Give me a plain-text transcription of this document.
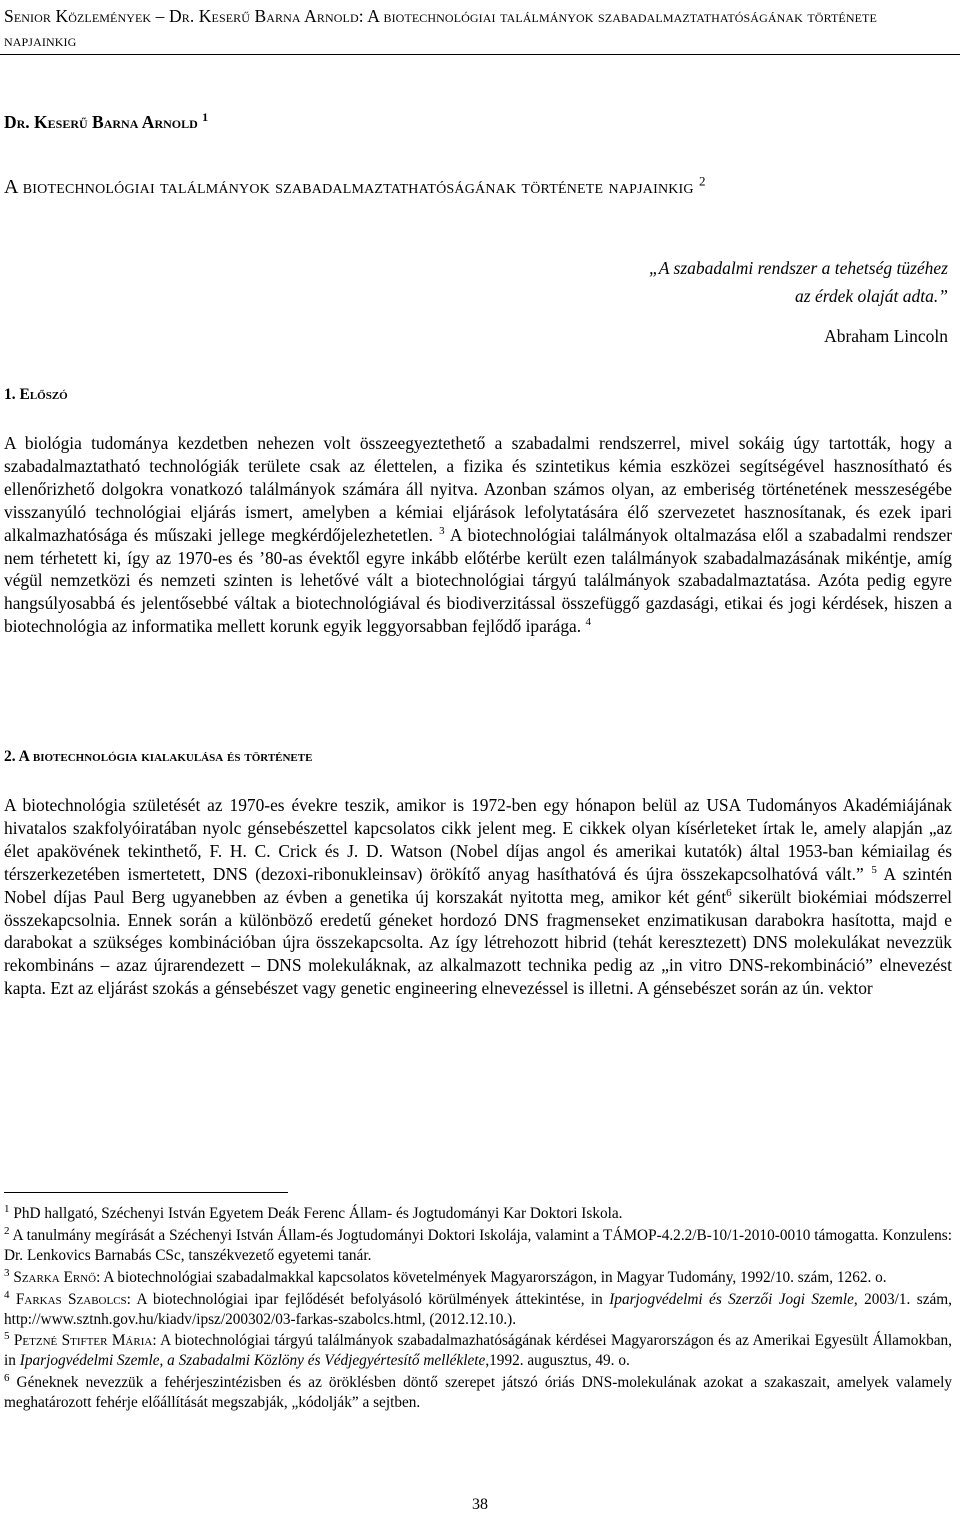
Senior Közlemények – Dr. Keserű Barna Arnold: A biotechnológiai találmányok szabadalmaztathatóságának története napjainkig
Dr. Keserű Barna Arnold $^1$
A biotechnológiai találmányok szabadalmaztathatóságának története napjainkig $^2$
„A szabadalmi rendszer a tehetség tüzéhez
az érdek olaját adta.”
Abraham Lincoln
1. Előszó

A biológia tudománya kezdetben nehezen volt összeegyeztethető a szabadalmi rendszerrel, mivel sokáig úgy tartották, hogy a szabadalmaztatható technológiák területe csak az élettelen, a fizika és szintetikus kémia eszközei segítségével hasznosítható és ellenőrizhető dolgokra vonatkozó találmányok számára áll nyitva. Azonban számos olyan, az emberiség történetének messzeségébe visszanyúló technológiai eljárás ismert, amelyben a kémiai eljárások lefolytatására élő szervezetet hasznosítanak, és ezek ipari alkalmazhatósága és műszaki jellege megkérdőjelezhetetlen. $^3$ A biotechnológiai találmányok oltalmazása elől a szabadalmi rendszer nem térhetett ki, így az 1970-es és ’80-as évektől egyre inkább előtérbe került ezen találmányok szabadalmazásának mikéntje, amíg végül nemzetközi és nemzeti szinten is lehetővé vált a biotechnológiai tárgyú találmányok szabadalmaztatása. Azóta pedig egyre hangsúlyosabbá és jelentősebbé váltak a biotechnológiával és biodiverzitással összefüggő gazdasági, etikai és jogi kérdések, hiszen a biotechnológia az informatika mellett korunk egyik leggyorsabban fejlődő iparága. $^4$

2. A biotechnológia kialakulása és története

A biotechnológia születését az 1970-es évekre teszik, amikor is 1972-ben egy hónapon belül az USA Tudományos Akadémiájának hivatalos szakfolyóiratában nyolc génsebészettel kapcsolatos cikk jelent meg. E cikkek olyan kísérleteket írtak le, amely alapján „az élet apakövének tekinthető, F. H. C. Crick és J. D. Watson (Nobel díjas angol és amerikai kutatók) által 1953-ban kémiailag és térszerkezetében ismertetett, DNS (dezoxi-ribonukleinsav) örökítő anyag hasíthatóvá és újra összekapcsolhatóvá vált.” $^5$ A szintén Nobel díjas Paul Berg ugyanebben az évben a genetika új korszakát nyitotta meg, amikor két gént$^6$ sikerült biokémiai módszerrel összekapcsolnia. Ennek során a különböző eredetű géneket hordozó DNS fragmenseket enzimatikusan darabokra hasította, majd e darabokat a szükséges kombinációban újra összekapcsolta. Az így létrehozott hibrid (tehát keresztezett) DNS molekulákat nevezzük rekombináns – azaz újrarendezett – DNS molekuláknak, az alkalmazott technika pedig az „in vitro DNS-rekombináció” elnevezést kapta. Ezt az eljárást szokás a génsebészet vagy genetic engineering elnevezéssel is illetni. A génsebészet során az ún. vektor

$^1$ PhD hallgató, Széchenyi István Egyetem Deák Ferenc Állam- és Jogtudományi Kar Doktori Iskola.

$^2$ A tanulmány megírását a Széchenyi István Állam-és Jogtudományi Doktori Iskolája, valamint a TÁMOP-4.2.2/B-10/1-2010-0010 támogatta. Konzulens: Dr. Lenkovics Barnabás CSc, tanszékvezető egyetemi tanár.

$^3$ Szarka Ernő: A biotechnológiai szabadalmakkal kapcsolatos követelmények Magyarországon, in Magyar Tudomány, 1992/10. szám, 1262. o.

$^4$ Farkas Szabolcs: A biotechnológiai ipar fejlődését befolyásoló körülmények áttekintése, in Iparjogvédelmi és Szerzői Jogi Szemle, 2003/1. szám, http://www.sztnh.gov.hu/kiadv/ipsz/200302/03-farkas-szabolcs.html, (2012.12.10.).

$^5$ Petzné Stifter Mária: A biotechnológiai tárgyú találmányok szabadalmazhatóságának kérdései Magyarországon és az Amerikai Egyesült Államokban, in Iparjogvédelmi Szemle, a Szabadalmi Közlöny és Védjegyértesítő melléklete,1992. augusztus, 49. o.

$^6$ Géneknek nevezzük a fehérjeszintézisben és az öröklésben döntő szerepet játszó óriás DNS-molekulának azokat a szakaszait, amelyek valamely meghatározott fehérje előállítását megszabják, „kódolják” a sejtben.

38
